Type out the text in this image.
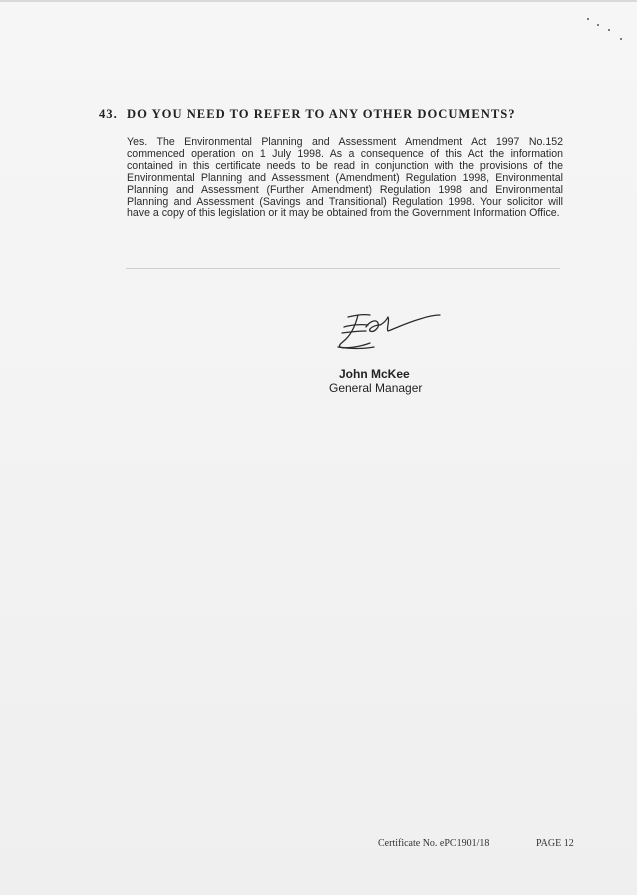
43. DO YOU NEED TO REFER TO ANY OTHER DOCUMENTS?
Yes. The Environmental Planning and Assessment Amendment Act 1997 No.152 commenced operation on 1 July 1998. As a consequence of this Act the information contained in this certificate needs to be read in conjunction with the provisions of the Environmental Planning and Assessment (Amendment) Regulation 1998, Environmental Planning and Assessment (Further Amendment) Regulation 1998 and Environmental Planning and Assessment (Savings and Transitional) Regulation 1998. Your solicitor will have a copy of this legislation or it may be obtained from the Government Information Office.
John McKee
General Manager
Certificate No. ePC1901/18	PAGE 12
